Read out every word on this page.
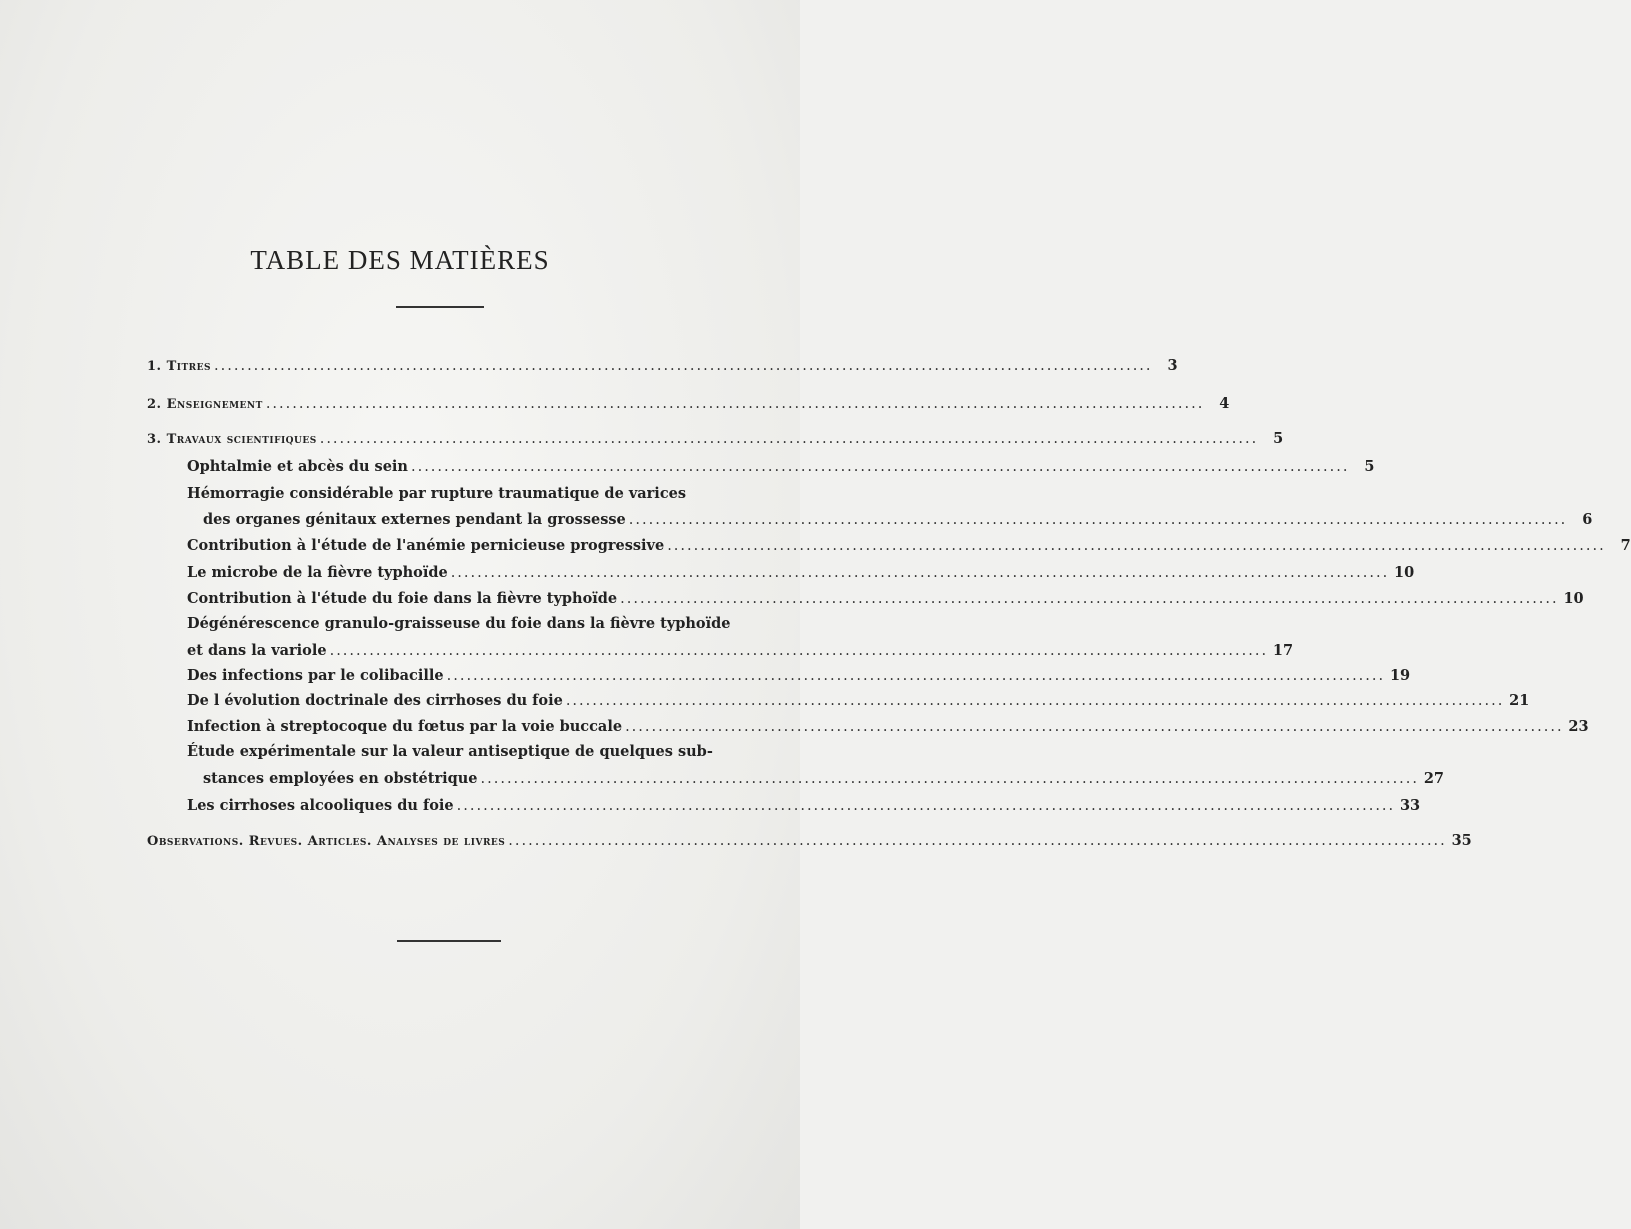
TABLE DES MATIÈRES
1. Titres ..............................................................................................................................................	3
2. Enseignement ..............................................................................................................................................	4
3. Travaux scientifiques ..............................................................................................................................................	5
Ophtalmie et abcès du sein ..............................................................................................................................................	5
Hémorragie considérable par rupture traumatique de varices
des organes génitaux externes pendant la grossesse ..............................................................................................................................................	6
Contribution à l'étude de l'anémie pernicieuse progressive ..............................................................................................................................................	7
Le microbe de la fièvre typhoïde .............................................................................................................................................. 10
Contribution à l'étude du foie dans la fièvre typhoïde .............................................................................................................................................. 10
Dégénérescence granulo-graisseuse du foie dans la fièvre typhoïde
et dans la variole .............................................................................................................................................. 17
Des infections par le colibacille .............................................................................................................................................. 19
De l évolution doctrinale des cirrhoses du foie .............................................................................................................................................. 21
Infection à streptocoque du fœtus par la voie buccale .............................................................................................................................................. 23
Étude expérimentale sur la valeur antiseptique de quelques sub-
stances employées en obstétrique .............................................................................................................................................. 27
Les cirrhoses alcooliques du foie .............................................................................................................................................. 33
Observations. Revues. Articles. Analyses de livres .............................................................................................................................................. 35
